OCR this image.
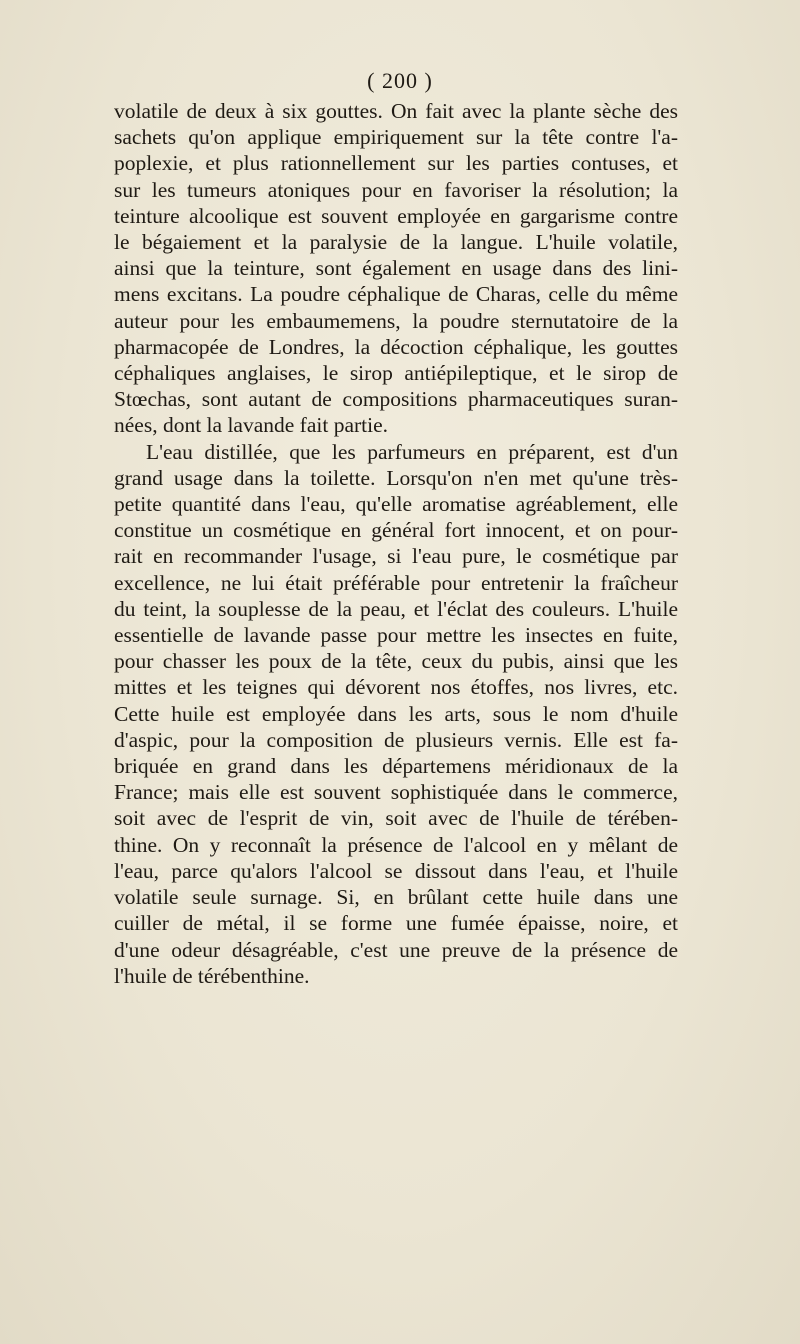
( 200 )
volatile de deux à six gouttes. On fait avec la plante sèche des
sachets qu'on applique empiriquement sur la tête contre l'a-
poplexie, et plus rationnellement sur les parties contuses, et
sur les tumeurs atoniques pour en favoriser la résolution; la
teinture alcoolique est souvent employée en gargarisme contre
le bégaiement et la paralysie de la langue. L'huile volatile,
ainsi que la teinture, sont également en usage dans des lini-
mens excitans. La poudre céphalique de Charas, celle du même
auteur pour les embaumemens, la poudre sternutatoire de la
pharmacopée de Londres, la décoction céphalique, les gouttes
céphaliques anglaises, le sirop antiépileptique, et le sirop de
Stœchas, sont autant de compositions pharmaceutiques suran-
nées, dont la lavande fait partie.
L'eau distillée, que les parfumeurs en préparent, est d'un
grand usage dans la toilette. Lorsqu'on n'en met qu'une très-
petite quantité dans l'eau, qu'elle aromatise agréablement, elle
constitue un cosmétique en général fort innocent, et on pour-
rait en recommander l'usage, si l'eau pure, le cosmétique par
excellence, ne lui était préférable pour entretenir la fraîcheur
du teint, la souplesse de la peau, et l'éclat des couleurs. L'huile
essentielle de lavande passe pour mettre les insectes en fuite,
pour chasser les poux de la tête, ceux du pubis, ainsi que les
mittes et les teignes qui dévorent nos étoffes, nos livres, etc.
Cette huile est employée dans les arts, sous le nom d'huile
d'aspic, pour la composition de plusieurs vernis. Elle est fa-
briquée en grand dans les départemens méridionaux de la
France; mais elle est souvent sophistiquée dans le commerce,
soit avec de l'esprit de vin, soit avec de l'huile de térében-
thine. On y reconnaît la présence de l'alcool en y mêlant de
l'eau, parce qu'alors l'alcool se dissout dans l'eau, et l'huile
volatile seule surnage. Si, en brûlant cette huile dans une
cuiller de métal, il se forme une fumée épaisse, noire, et
d'une odeur désagréable, c'est une preuve de la présence de
l'huile de térébenthine.
